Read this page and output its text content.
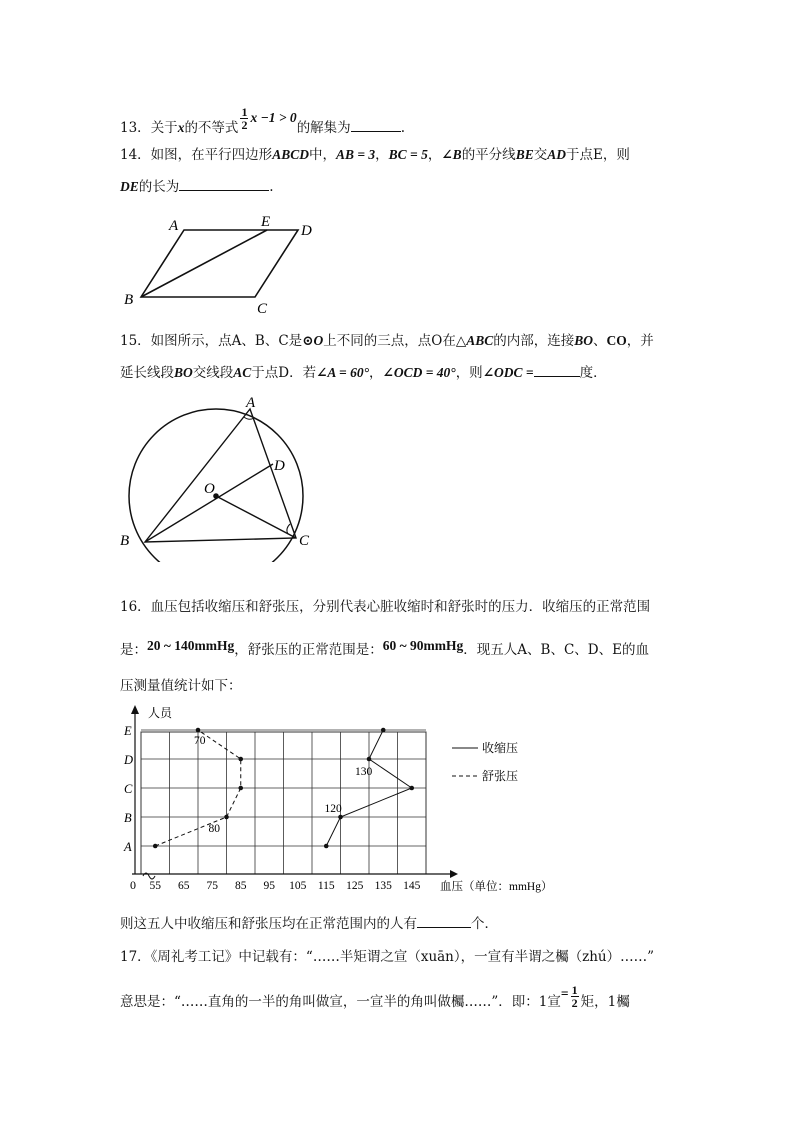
13．关于x的不等式 $\frac{1}{2}$ x −1 > 0的解集为	.
14．如图，在平行四边形ABCD中，AB = 3，BC = 5，∠B的平分线BE交AD于点E，则
DE的长为	.
A	E
D
B
C
15．如图所示，点A、B、C是⊙O上不同的三点，点O在△ABC的内部，连接BO、CO，并
延长线段BO交线段AC于点D．若∠A = 60°，∠OCD = 40°，则∠ODC =	度．
A
D
O
B	C
16．血压包括收缩压和舒张压，分别代表心脏收缩时和舒张时的压力．收缩压的正常范围
是：20 ~ 140mmHg，舒张压的正常范围是：60 ~ 90mmHg．现五人A、B、C、D、E的血
压测量值统计如下：
人员
血压（单位：mmHg）
0 55 65 75 85 95 105 115 125 135 145
A
B
C
D
E
70
80
130
120
收缩压
舒张压
则这五人中收缩压和舒张压均在正常范围内的人有	个．
17．《周礼考工记》中记载有：“……半矩谓之宣（xuān），一宣有半谓之欘（zhú）……”
意思是：“……直角的一半的角叫做宣，一宣半的角叫做欘……”．即：1宣= $\frac{1}{2}$ 矩，1欘
